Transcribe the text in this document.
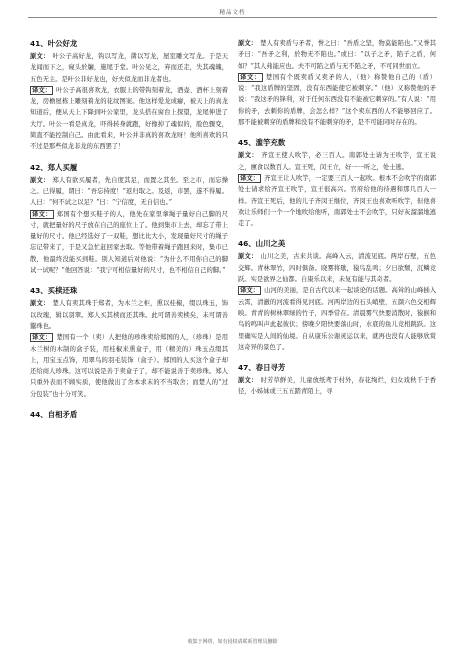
精品文档
41、叶公好龙

原文： 叶公子高好龙，钩以写龙，凿以写龙，屋室雕文写龙。于是天龙闻而下之，窥头於牖，施尾于堂。叶公见之，弃而还走，失其魂魄，五色无主。是叶公非好龙也，好夫似龙而非龙者也。

译文： 叶公子高很喜欢龙，衣服上的带钩刻着龙，酒壶、酒杯上刻着龙，房檐屋栋上雕刻着龙的花纹图案。他这样爱龙成癖，被天上的真龙知道后，便从天上下降到叶公家里，龙头搭在窗台上探望，龙尾伸进了大厅。叶公一看是真龙，吓得转身就跑，好像掉了魂似的，脸色骤变，简直不能控制自己。由此看来，叶公并非真的喜欢龙呀！他所喜欢的只不过是那些似龙非龙的东西罢了！

42、郑人买履

原文： 郑人有欲买履者，先自度其足，而置之其坐。至之市，而忘操之。已得履，谓曰：“吾忘持度！”返归取之。及返，市罢，遂不得履。人曰：“何不试之以足？”曰：“宁信度，无自信也。”

译文： 郑国有个想买鞋子的人，他先在家里拿绳子量好自己脚的尺寸，就把量好的尺子放在自己的座位上了。他到集市上去，却忘了带上量好的尺寸。他已经选好了一双鞋，想比比大小，发现量好尺寸的绳子忘记带来了，于是又急忙赶回家去取。等他带着绳子跑回来时，集市已散，他最终没能买到鞋。别人知道后对他说：“为什么不用你自己的脚试一试呢？”他回答说：“我宁可相信量好的尺寸，也不相信自己的脚。”

43、买椟还珠

原文： 楚人有卖其珠于郑者，为木兰之柜，熏以桂椒，缀以珠玉，饰以玫瑰，辑以羽翠。郑人买其椟而还其珠。此可谓善卖椟矣，未可谓善鬻珠也。

译文： 楚国有一个（卖）人把他的珍珠卖给郑国的人，（珍珠）是用木兰树的木制的盒子装，用桂椒来熏盒子，用（精美的）珠玉点缀其上，用宝玉点饰，用翠鸟的羽毛装饰（盒子）。郑国的人买这个盒子却还给商人珍珠。这可以说是善于卖盒子了，却不能说善于卖珍珠。郑人只重外表而不顾实质，使他做出了舍本求末的不当取舍；而楚人的“过分包装”也十分可笑。

44、自相矛盾

原文： 楚人有卖盾与矛者，誉之曰：“吾盾之坚，物莫能陷也。”又誉其矛曰：“吾矛之利，於物无不陷也。”或曰：“以子之矛，陷子之盾，何如？”其人弗能应也。夫不可陷之盾与无不陷之矛，不可同世而立。

译文： 楚国有个既卖盾又卖矛的人，（他）称赞他自己的（盾）说：“我这盾牌的坚固，没有东西能使它被刺穿。”（他）又称赞他的矛说：“我这矛的锋利，对于任何东西没有不能被它刺穿的。”有人说：“用你的矛，去刺你的盾牌，会怎么样？”这个卖东西的人不能够回应了。那不能被刺穿的盾牌和没有不能刺穿的矛，是不可能同时存在的。

45、滥竽充数

原文： 齐宣王使人吹竽，必三百人。南郭处士请为王吹竽，宣王说之，廪食以数百人。宣王死，闵王立，好一一听之，处士逃。

译文： 齐宣王让人吹竽，一定要三百人一起吹。根本不会吹竽的南郭处士请求给齐宣王吹竽，宣王很高兴。官府给他的待遇和那几百人一样。齐宣王死后，他的儿子齐闵王继位，齐闵王也喜欢听吹竽，但他喜欢让乐师们一个一个地吹给他听，南郭处士不会吹竽，只好灰溜溜地逃走了。

46、山川之美

原文： 山川之美，古来共谈。高峰入云，清流见底。两岸石壁，五色交辉。青林翠竹，四时俱备。晓雾将歇，猿鸟乱鸣；夕日欲颓，沉鳞竞跃。实是欲界之仙都。自康乐以来，未复有能与其奇者。

译文： 山河的美丽，是自古代以来一起谈论的话题。高耸的山峰插入云霄，清澈的河流看得见河底。河两岸边的石头峭壁，五颜六色交相辉映。青青的树林翠绿的竹子，四季常在。清晨雾气快要消散时，猿猴和鸟的鸣叫声此起彼伏；傍晚夕阳快要落山时，水底的鱼儿竞相跳跃。这里确实是人间的仙境。自从康乐公谢灵运以来，就再也没有人能够欣赏这奇异的景色了。

47、春日寻芳

原文： 时芳草鲜美，儿童放纸鸢于村外，春花绚烂，妇女戏秋千于香径，小姊妹或三五五踏青陌上，寻

收集于网络，如有侵权请联系管理员删除
